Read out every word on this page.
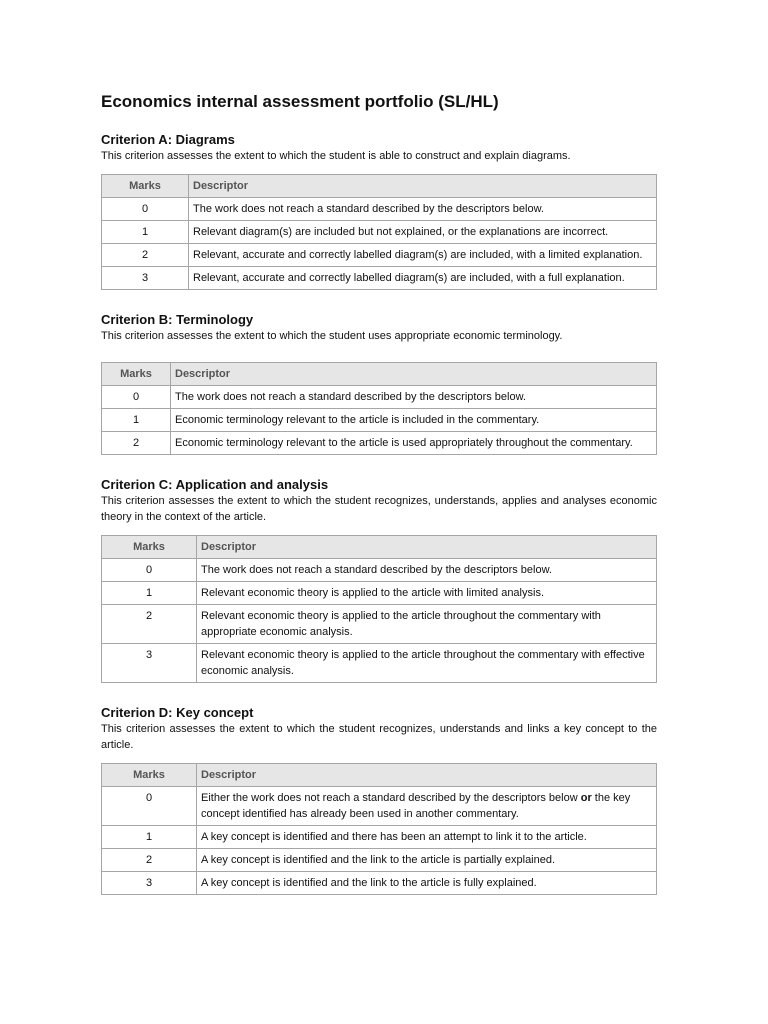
Economics internal assessment portfolio (SL/HL)
Criterion A: Diagrams

This criterion assesses the extent to which the student is able to construct and explain diagrams.

Marks	Descriptor
0	The work does not reach a standard described by the descriptors below.
1	Relevant diagram(s) are included but not explained, or the explanations are incorrect.
2	Relevant, accurate and correctly labelled diagram(s) are included, with a limited explanation.
3	Relevant, accurate and correctly labelled diagram(s) are included, with a full explanation.
Criterion B: Terminology

This criterion assesses the extent to which the student uses appropriate economic terminology.

Marks	Descriptor
0	The work does not reach a standard described by the descriptors below.
1	Economic terminology relevant to the article is included in the commentary.
2	Economic terminology relevant to the article is used appropriately throughout the commentary.
Criterion C: Application and analysis

This criterion assesses the extent to which the student recognizes, understands, applies and analyses economic theory in the context of the article.

Marks	Descriptor
0	The work does not reach a standard described by the descriptors below.
1	Relevant economic theory is applied to the article with limited analysis.
2	Relevant economic theory is applied to the article throughout the commentary with appropriate economic analysis.
3	Relevant economic theory is applied to the article throughout the commentary with effective economic analysis.
Criterion D: Key concept

This criterion assesses the extent to which the student recognizes, understands and links a key concept to the article.

Marks	Descriptor
0	Either the work does not reach a standard described by the descriptors below or the key concept identified has already been used in another commentary.
1	A key concept is identified and there has been an attempt to link it to the article.
2	A key concept is identified and the link to the article is partially explained.
3	A key concept is identified and the link to the article is fully explained.
